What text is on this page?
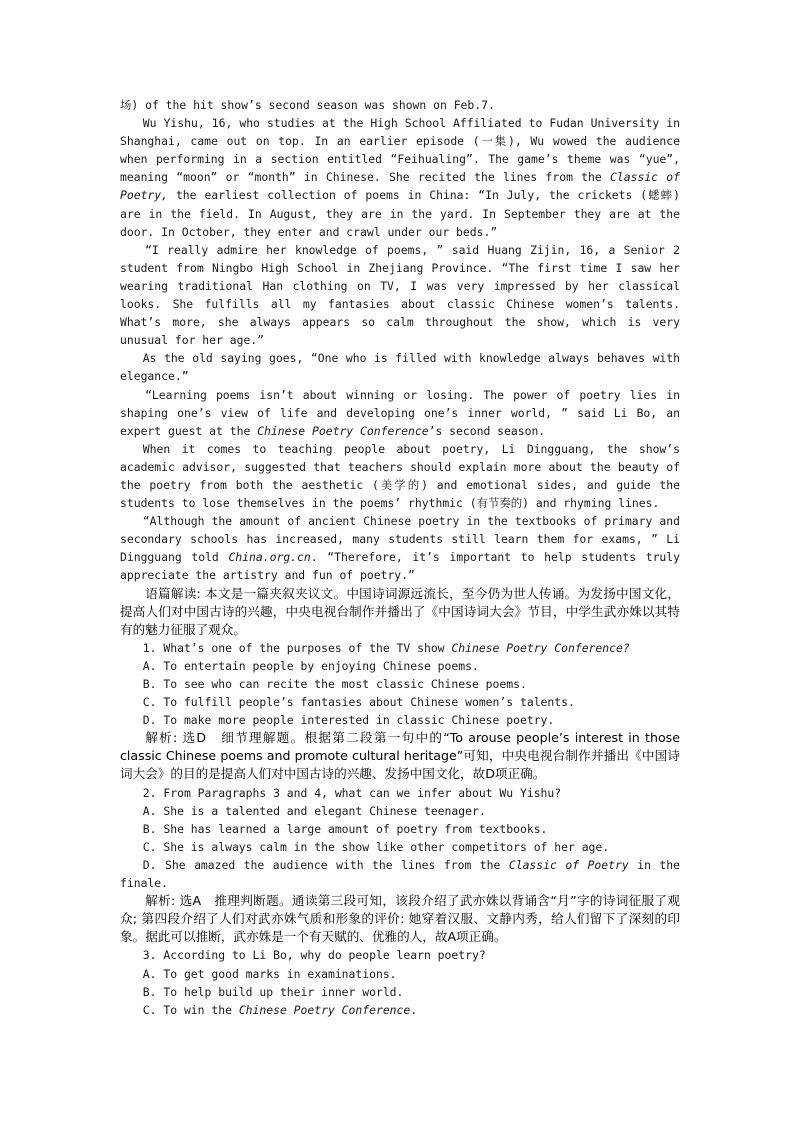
场) of the hit show’s second season was shown on Feb.7.

Wu Yishu, 16, who studies at the High School Affiliated to Fudan University in Shanghai, came out on top. In an earlier episode (一集), Wu wowed the audience when performing in a section entitled “Feihualing”. The game’s theme was “yue”, meaning “moon” or “month” in Chinese. She recited the lines from the Classic of Poetry, the earliest collection of poems in China: “In July, the crickets (蟋蟀) are in the field. In August, they are in the yard. In September they are at the door. In October, they enter and crawl under our beds.”

“I really admire her knowledge of poems, ” said Huang Zijin, 16, a Senior 2 student from Ningbo High School in Zhejiang Province. “The first time I saw her wearing traditional Han clothing on TV, I was very impressed by her classical looks. She fulfills all my fantasies about classic Chinese women’s talents. What’s more, she always appears so calm throughout the show, which is very unusual for her age.”

As the old saying goes, “One who is filled with knowledge always behaves with elegance.”

“Learning poems isn’t about winning or losing. The power of poetry lies in shaping one’s view of life and developing one’s inner world, ” said Li Bo, an expert guest at the Chinese Poetry Conference’s second season.

When it comes to teaching people about poetry, Li Dingguang, the show’s academic advisor, suggested that teachers should explain more about the beauty of the poetry from both the aesthetic (美学的) and emotional sides, and guide the students to lose themselves in the poems’ rhythmic (有节奏的) and rhyming lines.

“Although the amount of ancient Chinese poetry in the textbooks of primary and secondary schools has increased, many students still learn them for exams, ” Li Dingguang told China.org.cn. “Therefore, it’s important to help students truly appreciate the artistry and fun of poetry.”

语篇解读: 本文是一篇夹叙夹议文。中国诗词源远流长，至今仍为世人传诵。为发扬中国文化，提高人们对中国古诗的兴趣，中央电视台制作并播出了《中国诗词大会》节目，中学生武亦姝以其特有的魅力征服了观众。

1. What’s one of the purposes of the TV show Chinese Poetry Conference?

A. To entertain people by enjoying Chinese poems.

B. To see who can recite the most classic Chinese poems.

C. To fulfill people’s fantasies about Chinese women’s talents.

D. To make more people interested in classic Chinese poetry.

解析: 选D　细节理解题。根据第二段第一句中的“To arouse people’s interest in those classic Chinese poems and promote cultural heritage”可知，中央电视台制作并播出《中国诗词大会》的目的是提高人们对中国古诗的兴趣、发扬中国文化，故D项正确。

2. From Paragraphs 3 and 4, what can we infer about Wu Yishu?

A. She is a talented and elegant Chinese teenager.

B. She has learned a large amount of poetry from textbooks.

C. She is always calm in the show like other competitors of her age.

D. She amazed the audience with the lines from the Classic of Poetry in the finale.

解析: 选A　推理判断题。通读第三段可知，该段介绍了武亦姝以背诵含“月”字的诗词征服了观众; 第四段介绍了人们对武亦姝气质和形象的评价: 她穿着汉服、文静内秀，给人们留下了深刻的印象。据此可以推断，武亦姝是一个有天赋的、优雅的人，故A项正确。

3. According to Li Bo, why do people learn poetry?

A. To get good marks in examinations.

B. To help build up their inner world.

C. To win the Chinese Poetry Conference.
